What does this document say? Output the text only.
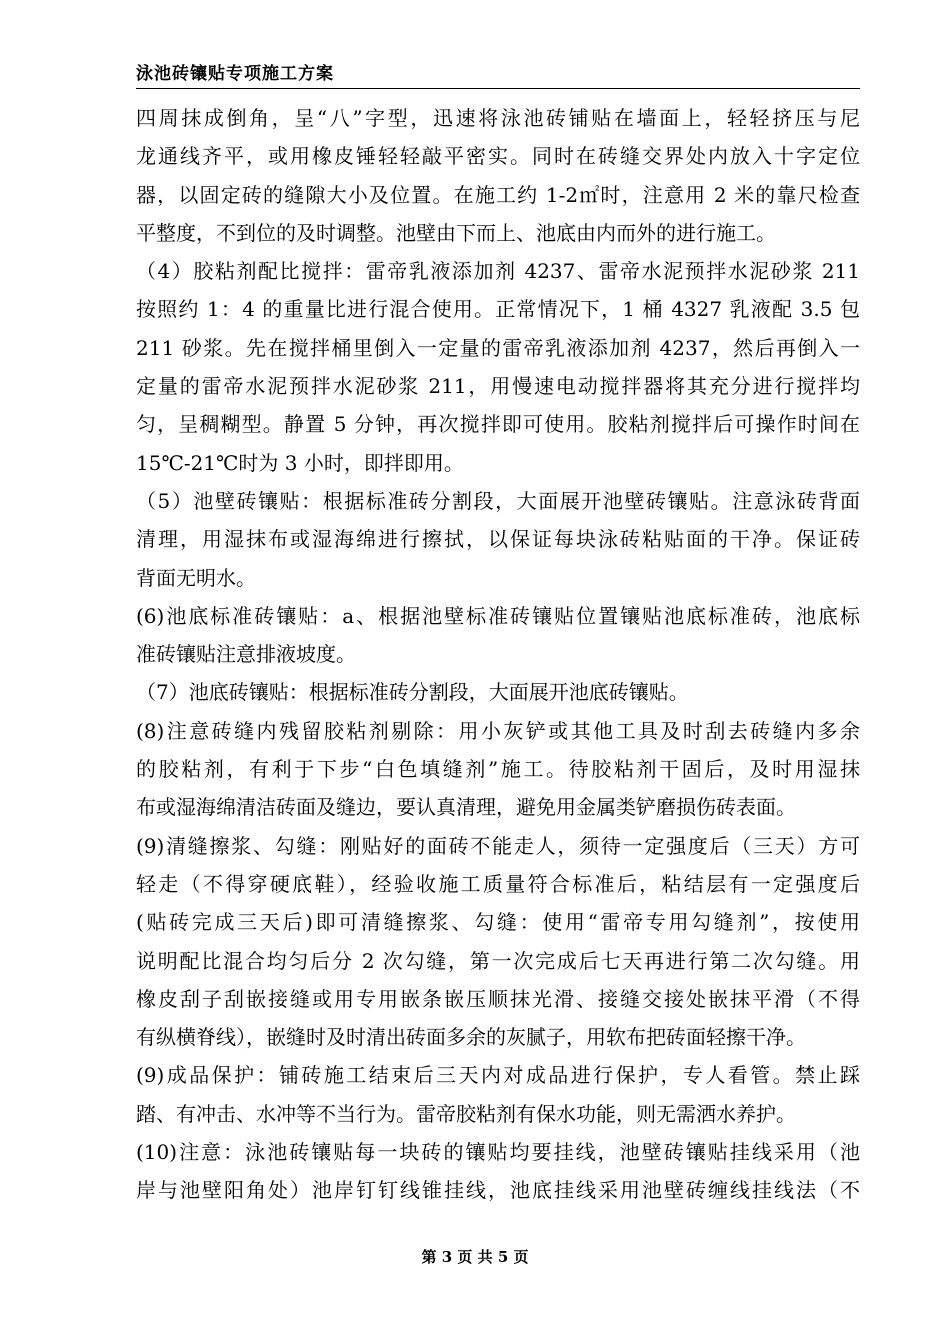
泳池砖镶贴专项施工方案
四周抹成倒角，呈“八”字型，迅速将泳池砖铺贴在墙面上，轻轻挤压与尼
龙通线齐平，或用橡皮锤轻轻敲平密实。同时在砖缝交界处内放入十字定位
器，以固定砖的缝隙大小及位置。在施工约 1-2㎡时，注意用 2 米的靠尺检查
平整度，不到位的及时调整。池壁由下而上、池底由内而外的进行施工。
（4）胶粘剂配比搅拌：雷帝乳液添加剂 4237、雷帝水泥预拌水泥砂浆 211
按照约 1：4 的重量比进行混合使用。正常情况下，1 桶 4327 乳液配 3.5 包
211 砂浆。先在搅拌桶里倒入一定量的雷帝乳液添加剂 4237，然后再倒入一
定量的雷帝水泥预拌水泥砂浆 211，用慢速电动搅拌器将其充分进行搅拌均
匀，呈稠糊型。静置 5 分钟，再次搅拌即可使用。胶粘剂搅拌后可操作时间在
15℃-21℃时为 3 小时，即拌即用。
（5）池壁砖镶贴：根据标准砖分割段，大面展开池壁砖镶贴。注意泳砖背面
清理，用湿抹布或湿海绵进行擦拭，以保证每块泳砖粘贴面的干净。保证砖
背面无明水。
(6)池底标准砖镶贴：a、根据池壁标准砖镶贴位置镶贴池底标准砖，池底标
准砖镶贴注意排液坡度。
（7）池底砖镶贴：根据标准砖分割段，大面展开池底砖镶贴。
(8)注意砖缝内残留胶粘剂剔除：用小灰铲或其他工具及时刮去砖缝内多余
的胶粘剂，有利于下步“白色填缝剂”施工。待胶粘剂干固后，及时用湿抹
布或湿海绵清洁砖面及缝边，要认真清理，避免用金属类铲磨损伤砖表面。
(9)清缝擦浆、勾缝：刚贴好的面砖不能走人，须待一定强度后（三天）方可
轻走（不得穿硬底鞋），经验收施工质量符合标准后，粘结层有一定强度后
(贴砖完成三天后)即可清缝擦浆、勾缝：使用“雷帝专用勾缝剂”，按使用
说明配比混合均匀后分 2 次勾缝，第一次完成后七天再进行第二次勾缝。用
橡皮刮子刮嵌接缝或用专用嵌条嵌压顺抹光滑、接缝交接处嵌抹平滑（不得
有纵横脊线），嵌缝时及时清出砖面多余的灰腻子，用软布把砖面轻擦干净。
(9)成品保护：铺砖施工结束后三天内对成品进行保护，专人看管。禁止踩
踏、有冲击、水冲等不当行为。雷帝胶粘剂有保水功能，则无需洒水养护。
(10)注意：泳池砖镶贴每一块砖的镶贴均要挂线，池壁砖镶贴挂线采用（池
岸与池壁阳角处）池岸钉钉线锥挂线，池底挂线采用池壁砖缠线挂线法（不
第 3 页 共 5 页
